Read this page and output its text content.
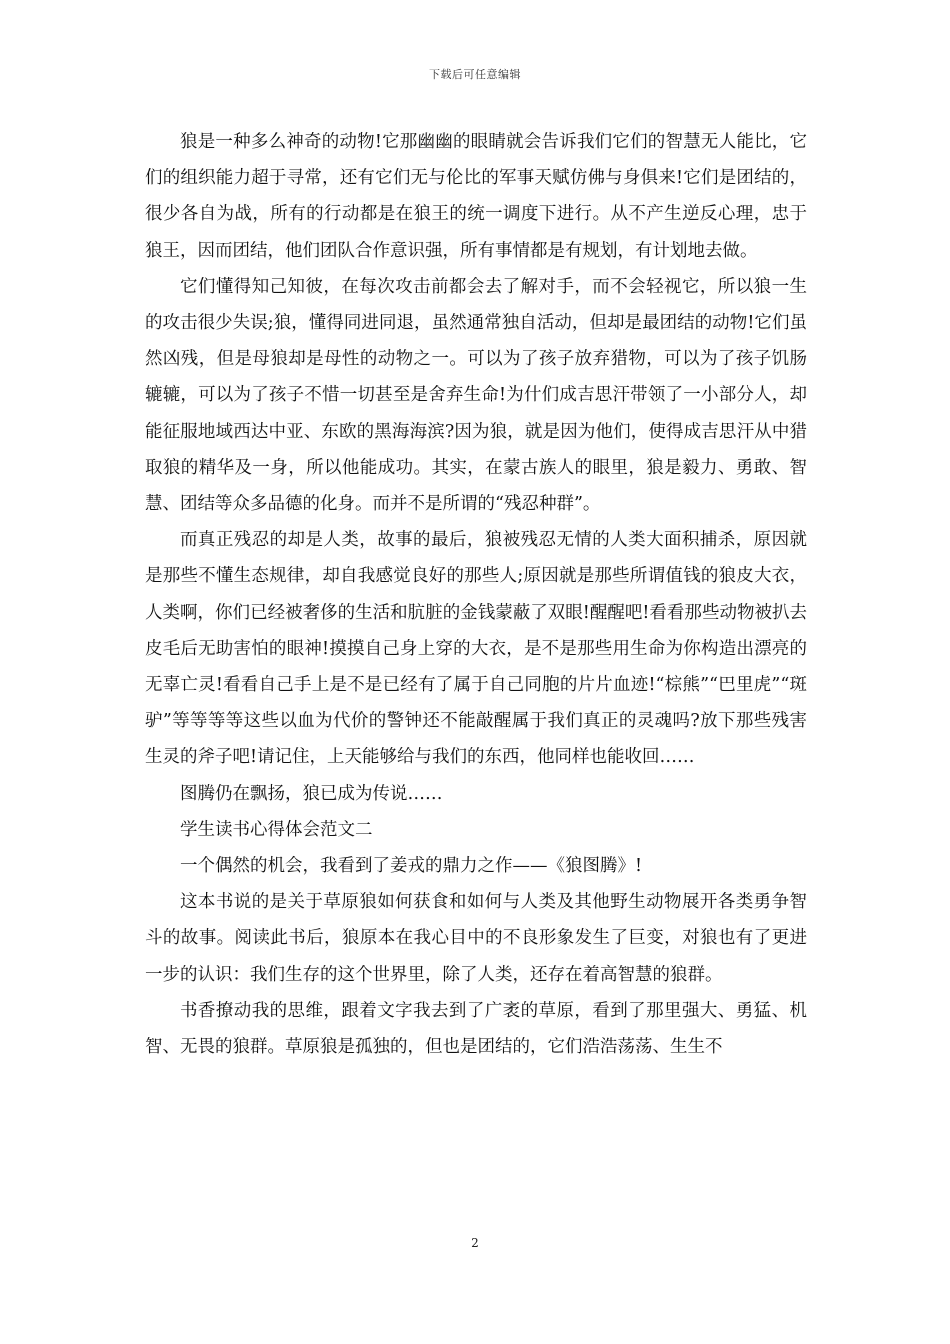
下载后可任意编辑

狼是一种多么神奇的动物!它那幽幽的眼睛就会告诉我们它们的智慧无人能比，它们的组织能力超于寻常，还有它们无与伦比的军事天赋仿佛与身俱来!它们是团结的，很少各自为战，所有的行动都是在狼王的统一调度下进行。从不产生逆反心理，忠于狼王，因而团结，他们团队合作意识强，所有事情都是有规划，有计划地去做。

它们懂得知己知彼，在每次攻击前都会去了解对手，而不会轻视它，所以狼一生的攻击很少失误;狼，懂得同进同退，虽然通常独自活动，但却是最团结的动物!它们虽然凶残，但是母狼却是母性的动物之一。可以为了孩子放弃猎物，可以为了孩子饥肠辘辘，可以为了孩子不惜一切甚至是舍弃生命!为什们成吉思汗带领了一小部分人，却能征服地域西达中亚、东欧的黑海海滨?因为狼，就是因为他们，使得成吉思汗从中猎取狼的精华及一身，所以他能成功。其实，在蒙古族人的眼里，狼是毅力、勇敢、智慧、团结等众多品德的化身。而并不是所谓的“残忍种群”。

而真正残忍的却是人类，故事的最后，狼被残忍无情的人类大面积捕杀，原因就是那些不懂生态规律，却自我感觉良好的那些人;原因就是那些所谓值钱的狼皮大衣，人类啊，你们已经被奢侈的生活和肮脏的金钱蒙蔽了双眼!醒醒吧!看看那些动物被扒去皮毛后无助害怕的眼神!摸摸自己身上穿的大衣，是不是那些用生命为你构造出漂亮的无辜亡灵!看看自己手上是不是已经有了属于自己同胞的片片血迹!“棕熊”“巴里虎”“斑驴”等等等等这些以血为代价的警钟还不能敲醒属于我们真正的灵魂吗?放下那些残害生灵的斧子吧!请记住，上天能够给与我们的东西，他同样也能收回……

图腾仍在飘扬，狼已成为传说……

学生读书心得体会范文二

一个偶然的机会，我看到了姜戎的鼎力之作——《狼图腾》!

这本书说的是关于草原狼如何获食和如何与人类及其他野生动物展开各类勇争智斗的故事。阅读此书后，狼原本在我心目中的不良形象发生了巨变，对狼也有了更进一步的认识：我们生存的这个世界里，除了人类，还存在着高智慧的狼群。

书香撩动我的思维，跟着文字我去到了广袤的草原，看到了那里强大、勇猛、机智、无畏的狼群。草原狼是孤独的，但也是团结的，它们浩浩荡荡、生生不

2
